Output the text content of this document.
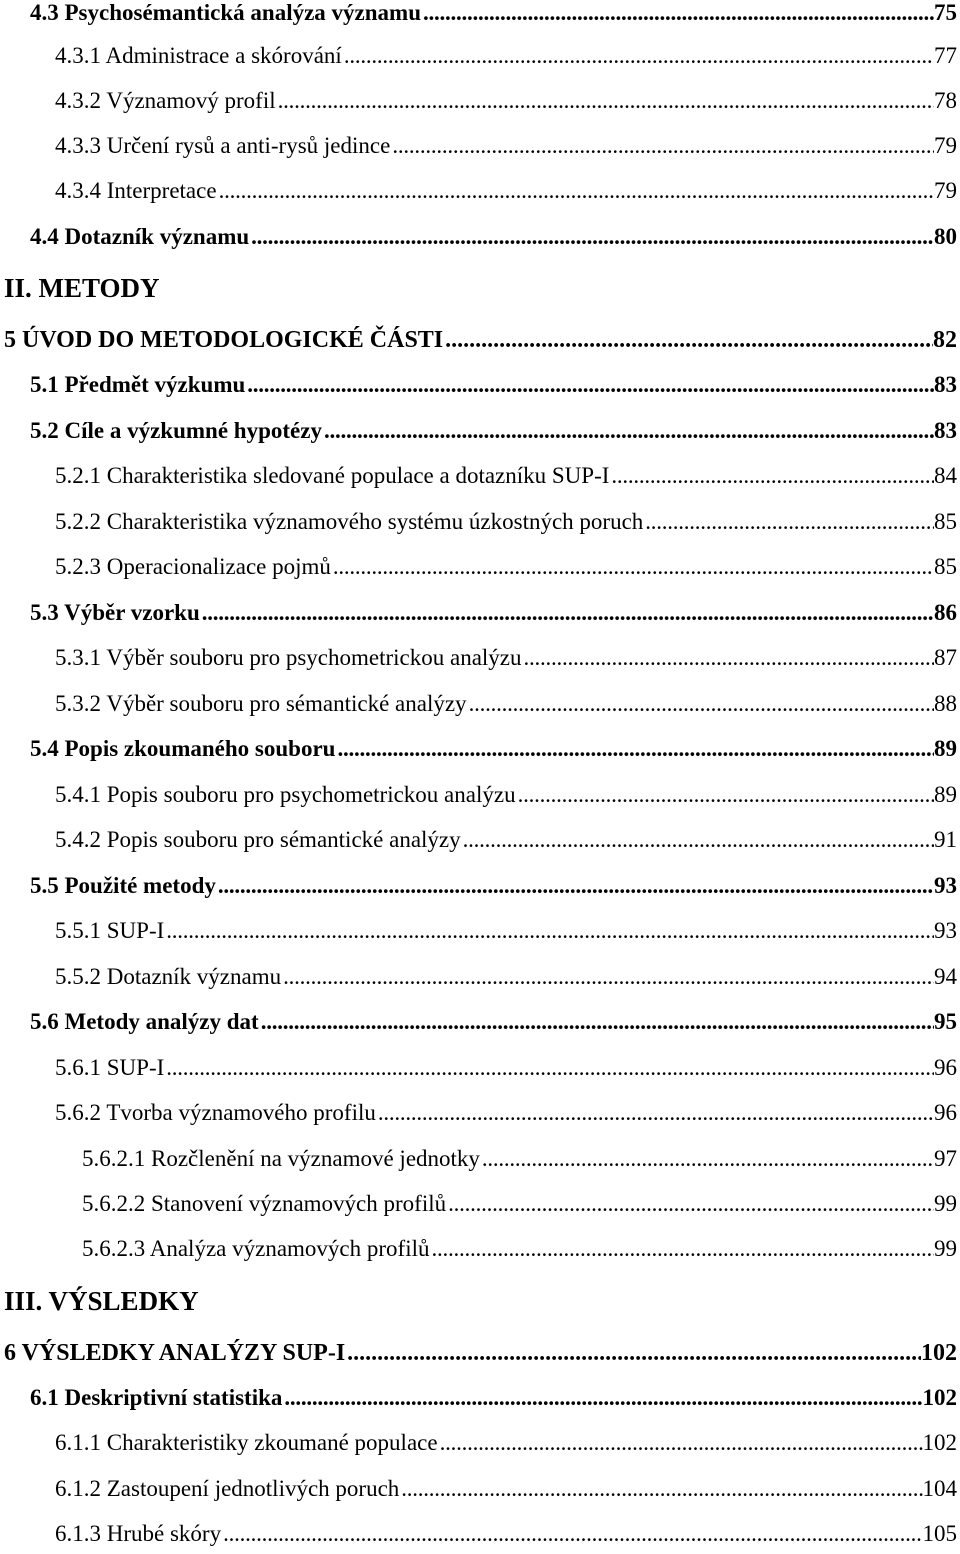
4.3 Psychosémantická analýza významu . . .	75
4.3.1 Administrace a skórování . . .	77
4.3.2 Významový profil . . .	78
4.3.3 Určení rysů a anti-rysů jedince . . .	79
4.3.4 Interpretace . . .	79
4.4 Dotazník významu . . .	80
II. METODY
5 ÚVOD DO METODOLOGICKÉ ČÁSTI . . .	82
5.1 Předmět výzkumu . . .	83
5.2 Cíle a výzkumné hypotézy . . .	83
5.2.1 Charakteristika sledované populace a dotazníku SUP-I . . .	84
5.2.2 Charakteristika významového systému úzkostných poruch . . .	85
5.2.3 Operacionalizace pojmů . . .	85
5.3 Výběr vzorku . . .	86
5.3.1 Výběr souboru pro psychometrickou analýzu . . .	87
5.3.2 Výběr souboru pro sémantické analýzy . . .	88
5.4 Popis zkoumaného souboru . . .	89
5.4.1 Popis souboru pro psychometrickou analýzu . . .	89
5.4.2 Popis souboru pro sémantické analýzy . . .	91
5.5 Použité metody . . .	93
5.5.1 SUP-I . . .	93
5.5.2 Dotazník významu . . .	94
5.6 Metody analýzy dat . . .	95
5.6.1 SUP-I . . .	96
5.6.2 Tvorba významového profilu . . .	96
5.6.2.1 Rozčlenění na významové jednotky . . .	97
5.6.2.2 Stanovení významových profilů . . .	99
5.6.2.3 Analýza významových profilů . . .	99
III. VÝSLEDKY
6 VÝSLEDKY ANALÝZY SUP-I . . .	102
6.1 Deskriptivní statistika . . .	102
6.1.1 Charakteristiky zkoumané populace . . .	102
6.1.2 Zastoupení jednotlivých poruch . . .	104
6.1.3 Hrubé skóry . . .	105
